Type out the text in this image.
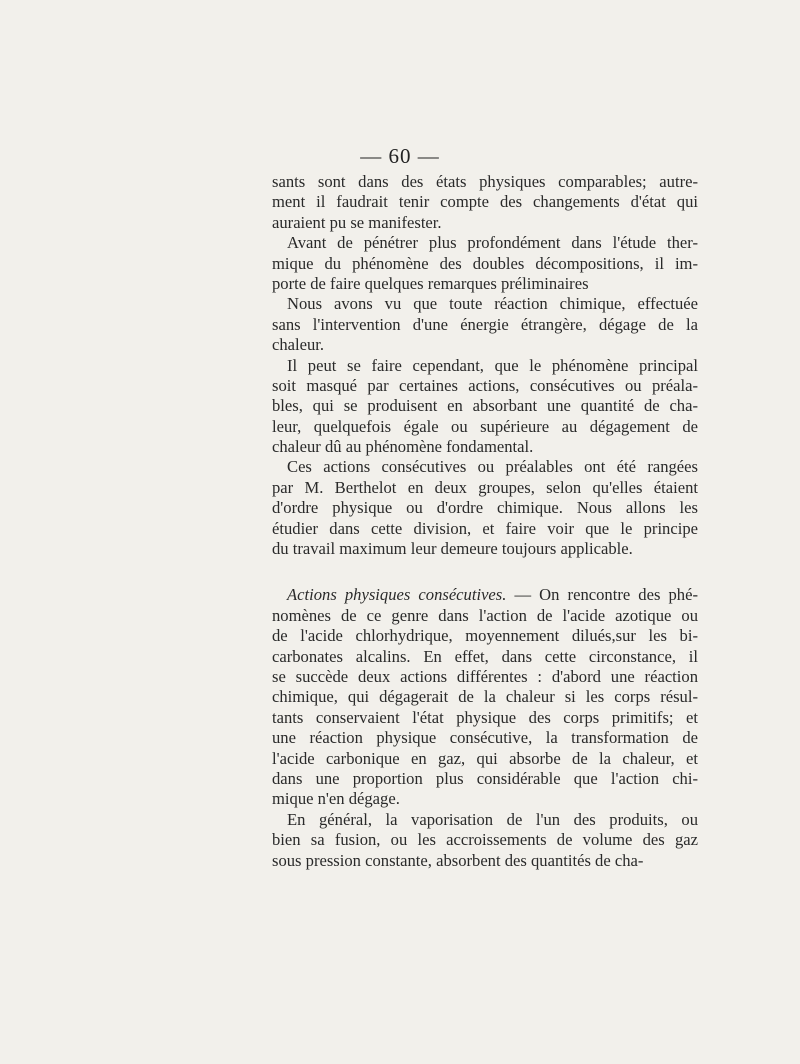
— 60 —
sants sont dans des états physiques comparables; autre-
ment il faudrait tenir compte des changements d'état qui
auraient pu se manifester.
Avant de pénétrer plus profondément dans l'étude ther-
mique du phénomène des doubles décompositions, il im-
porte de faire quelques remarques préliminaires
Nous avons vu que toute réaction chimique, effectuée
sans l'intervention d'une énergie étrangère, dégage de la
chaleur.
Il peut se faire cependant, que le phénomène principal
soit masqué par certaines actions, consécutives ou préala-
bles, qui se produisent en absorbant une quantité de cha-
leur, quelquefois égale ou supérieure au dégagement de
chaleur dû au phénomène fondamental.
Ces actions consécutives ou préalables ont été rangées
par M. Berthelot en deux groupes, selon qu'elles étaient
d'ordre physique ou d'ordre chimique. Nous allons les
étudier dans cette division, et faire voir que le principe
du travail maximum leur demeure toujours applicable.
Actions physiques consécutives. — On rencontre des phé-
nomènes de ce genre dans l'action de l'acide azotique ou
de l'acide chlorhydrique, moyennement dilués,sur les bi-
carbonates alcalins. En effet, dans cette circonstance, il
se succède deux actions différentes : d'abord une réaction
chimique, qui dégagerait de la chaleur si les corps résul-
tants conservaient l'état physique des corps primitifs; et
une réaction physique consécutive, la transformation de
l'acide carbonique en gaz, qui absorbe de la chaleur, et
dans une proportion plus considérable que l'action chi-
mique n'en dégage.
En général, la vaporisation de l'un des produits, ou
bien sa fusion, ou les accroissements de volume des gaz
sous pression constante, absorbent des quantités de cha-
